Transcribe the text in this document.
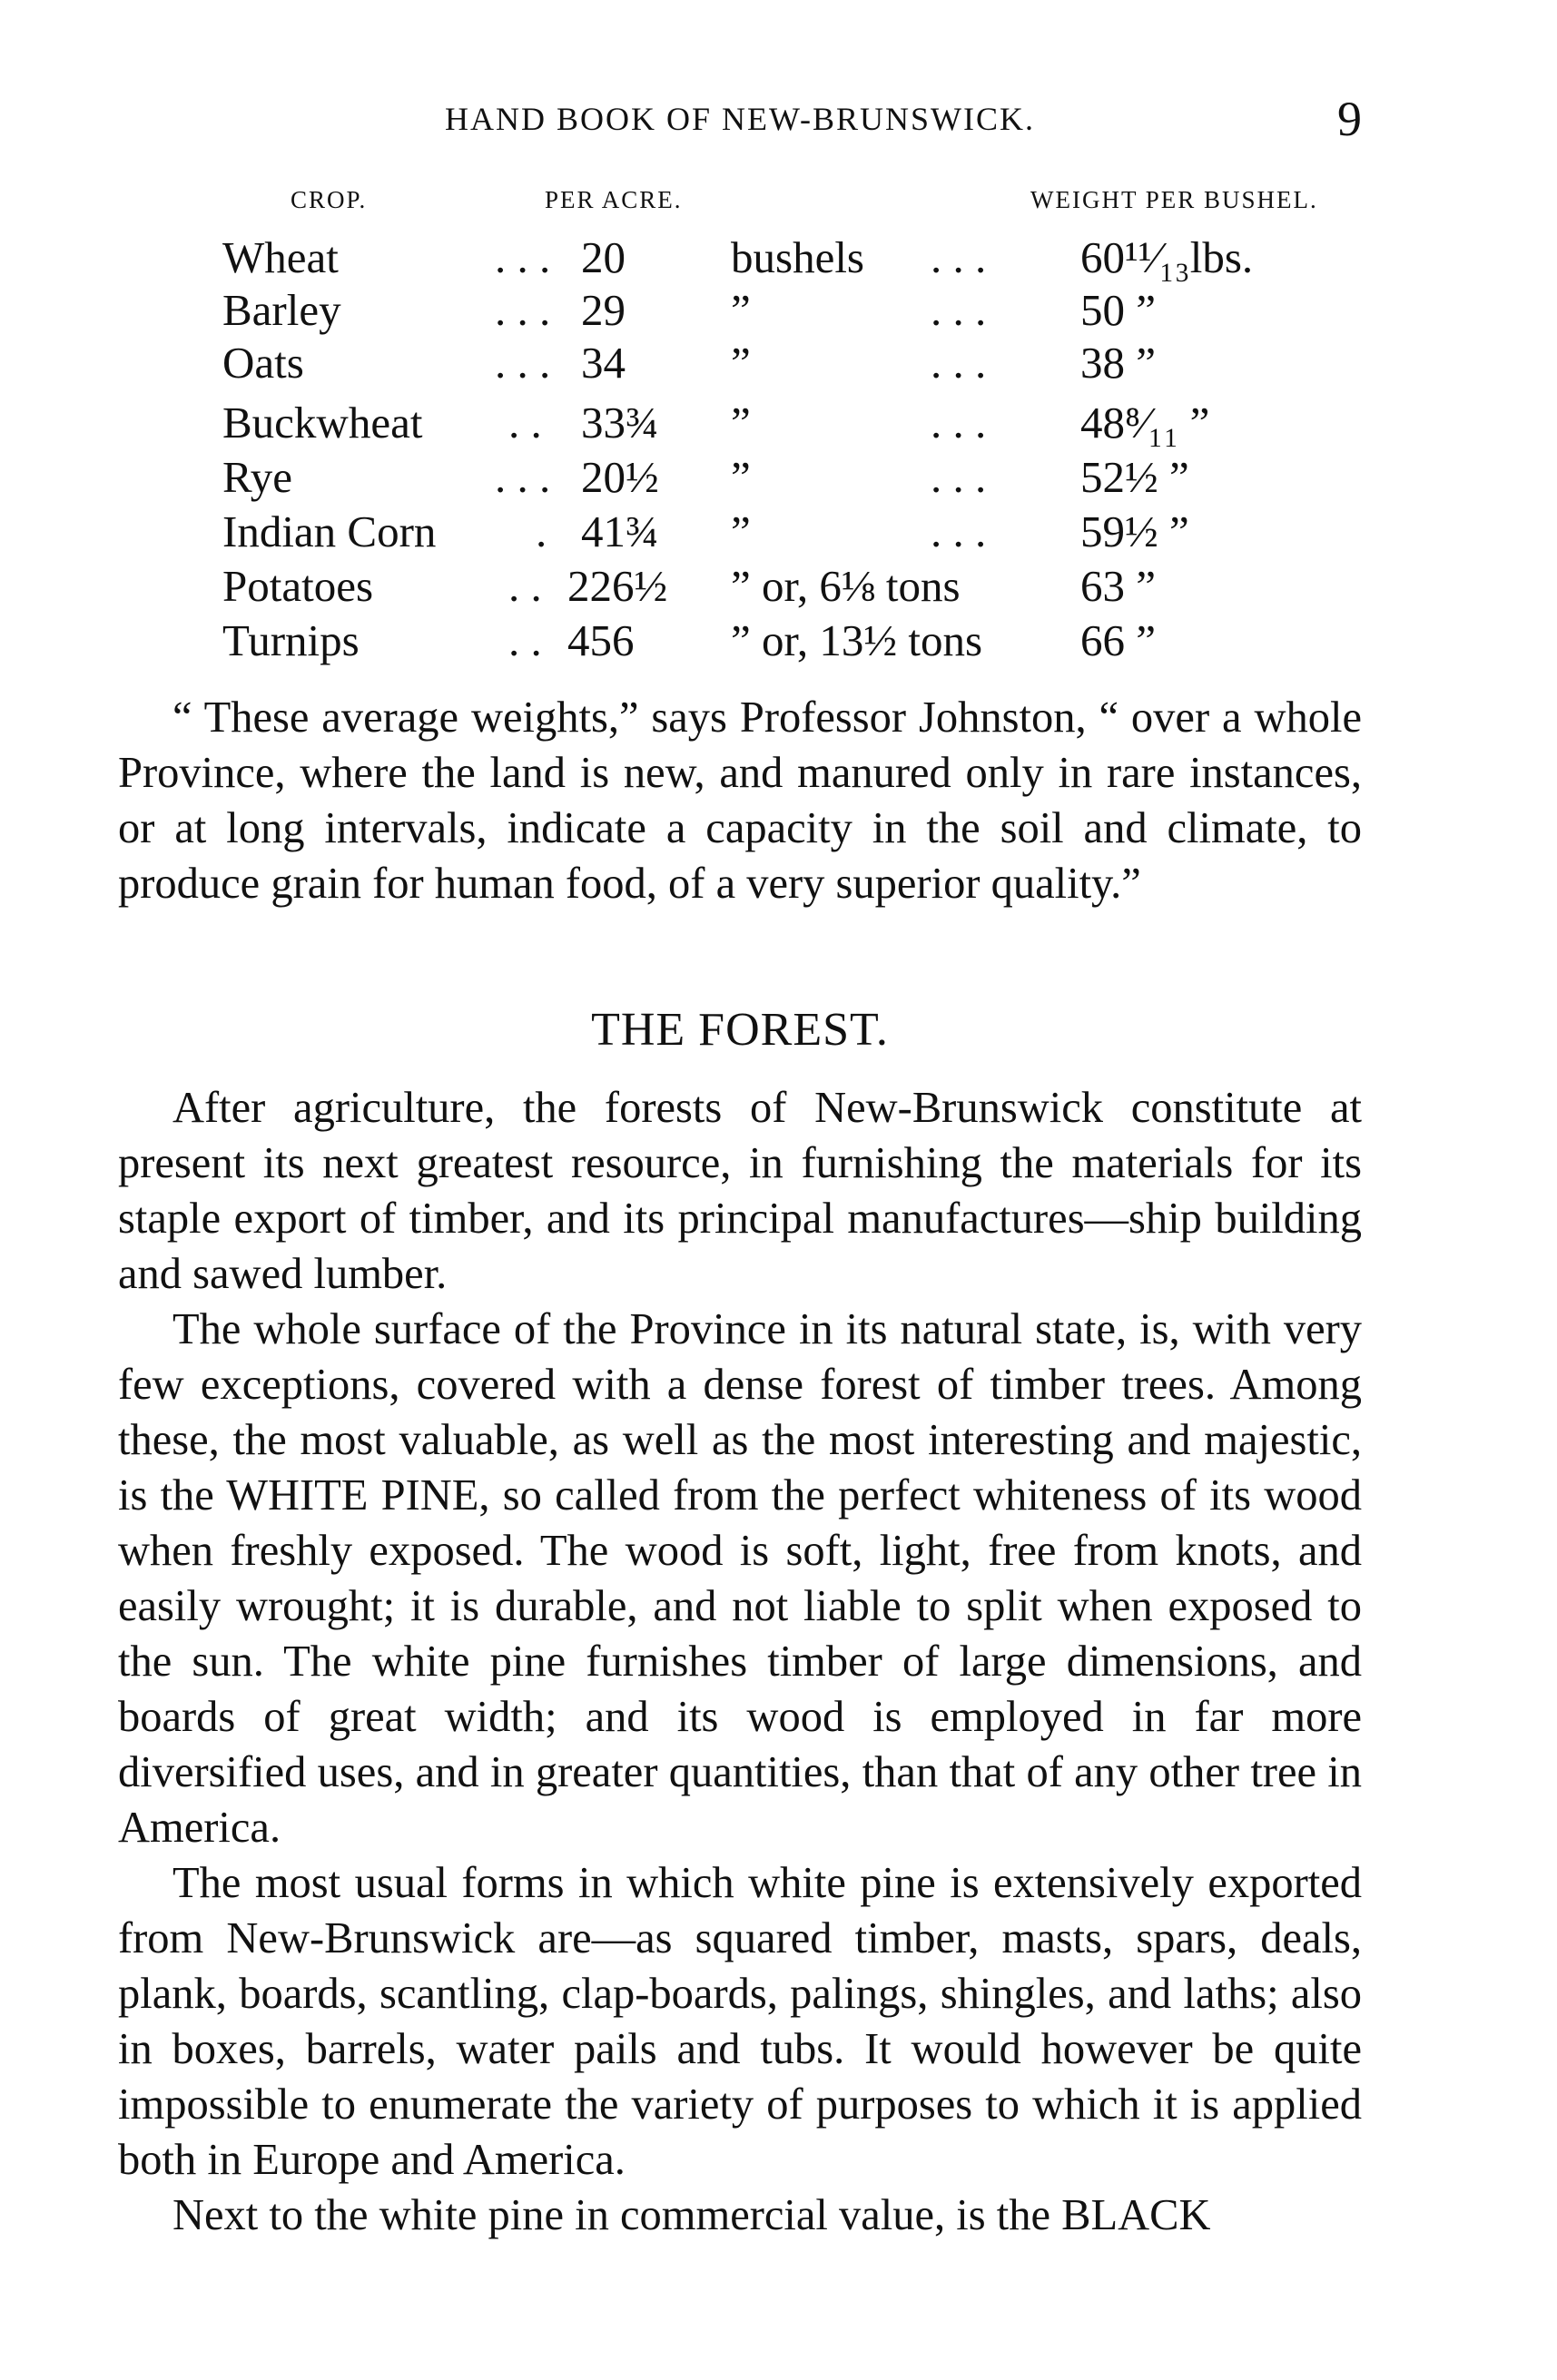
HAND BOOK OF NEW-BRUNSWICK.	9
CROP.	PER ACRE.	WEIGHT PER BUSHEL.
Wheat	. . . 20 bushels . . . 60¹¹⁄₁₃lbs.
Barley	. . . 29 ”	. . . 50 ”
Oats	. . . 34 ”	. . . 38 ”
Buckwheat . . 33¾ ”	. . . 48⁸⁄₁₁ ”
Rye	. . . 20½ ”	. . . 52½ ”
Indian Corn . 41¾ ”	. . . 59½ ”
Potatoes	. . 226½ ” or, 6⅛ tons	63 ”
Turnips	. . 456 ” or, 13½ tons 66 ”

“ These average weights,” says Professor Johnston, “ over a whole Province, where the land is new, and manured only in rare instances, or at long intervals, indicate a capacity in the soil and climate, to produce grain for human food, of a very superior quality.”

THE FOREST.

After agriculture, the forests of New-Brunswick constitute at present its next greatest resource, in furnishing the materials for its staple export of timber, and its principal manufactures—ship building and sawed lumber.

The whole surface of the Province in its natural state, is, with very few exceptions, covered with a dense forest of timber trees. Among these, the most valuable, as well as the most interesting and majestic, is the WHITE PINE, so called from the perfect whiteness of its wood when freshly exposed. The wood is soft, light, free from knots, and easily wrought; it is durable, and not liable to split when exposed to the sun. The white pine furnishes timber of large dimensions, and boards of great width; and its wood is employed in far more diversified uses, and in greater quantities, than that of any other tree in America.

The most usual forms in which white pine is extensively exported from New-Brunswick are—as squared timber, masts, spars, deals, plank, boards, scantling, clap-boards, palings, shingles, and laths; also in boxes, barrels, water pails and tubs. It would however be quite impossible to enumerate the variety of purposes to which it is applied both in Europe and America.

Next to the white pine in commercial value, is the BLACK
